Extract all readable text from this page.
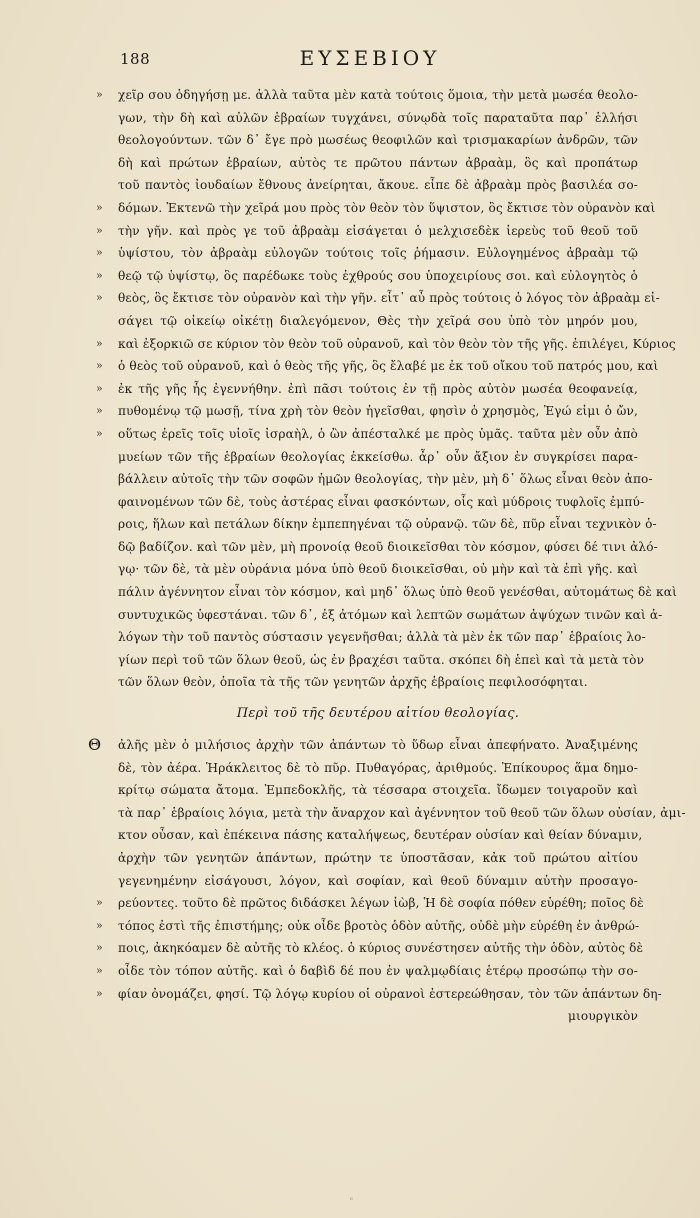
188	ΕΥΣΕΒΙΟΥ
»	χεῖρ σου ὁδηγήσῃ με. ἀλλὰ ταῦτα μὲν κατὰ τούτοις ὅμοια, τὴν μετὰ μωσέα θεολο-
γων, τὴν δὴ καὶ αὐλῶν ἑβραίων τυγχάνει, σύνῳδὰ τοῖς παραταῦτα παρ᾽ ἑλλήσι
θεολογούντων. τῶν δ᾽ ἔγε πρὸ μωσέως θεοφιλῶν καὶ τρισμακαρίων ἀνδρῶν, τῶν
δὴ καὶ πρώτων ἑβραίων, αὐτὸς τε πρῶτου πάντων ἀβραὰμ, ὃς καὶ προπάτωρ
τοῦ παντὸς ἰουδαίων ἔθνους ἀνείρηται, ἄκουε. εἶπε δὲ ἀβραὰμ πρὸς βασιλέα σο-
»	δόμων. Ἐκτενῶ τὴν χεῖρά μου πρὸς τὸν θεὸν τὸν ὕψιστον, ὃς ἔκτισε τὸν οὐρανὸν καὶ
»	τὴν γῆν. καὶ πρὸς γε τοῦ ἀβραὰμ εἰσάγεται ὁ μελχισεδὲκ ἱερεὺς τοῦ θεοῦ τοῦ
»	ὑψίστου, τὸν ἀβραὰμ εὐλογῶν τούτοις τοῖς ῥήμασιν. Εὐλογημένος ἀβραὰμ τῷ
»	θεῷ τῷ ὑψίστῳ, ὃς παρέδωκε τοὺς ἐχθρούς σου ὑποχειρίους σοι. καὶ εὐλογητὸς ὁ
»	θεὸς, ὃς ἔκτισε τὸν οὐρανὸν καὶ τὴν γῆν. εἶτ᾽ αὖ πρὸς τούτοις ὁ λόγος τὸν ἀβραὰμ εἰ-
σάγει τῷ οἰκείῳ οἰκέτῃ διαλεγόμενον, Θὲς τὴν χεῖρά σου ὑπὸ τὸν μηρόν μου,
»	καὶ ἐξορκιῶ σε κύριον τὸν θεὸν τοῦ οὐρανοῦ, καὶ τὸν θεὸν τὸν τῆς γῆς. ἐπιλέγει, Κύριος
»	ὁ θεὸς τοῦ οὐρανοῦ, καὶ ὁ θεὸς τῆς γῆς, ὃς ἔλαβέ με ἐκ τοῦ οἴκου τοῦ πατρός μου, καὶ
»	ἐκ τῆς γῆς ἧς ἐγεννήθην. ἐπὶ πᾶσι τούτοις ἐν τῇ πρὸς αὐτὸν μωσέα θεοφανείᾳ,
»	πυθομένῳ τῷ μωσῇ, τίνα χρὴ τὸν θεὸν ἡγεῖσθαι, φησὶν ὁ χρησμὸς, Ἐγώ εἰμι ὁ ὤν,
»	οὕτως ἐρεῖς τοῖς υἱοῖς ἰσραὴλ, ὁ ὢν ἀπέσταλκέ με πρὸς ὑμᾶς. ταῦτα μὲν οὖν ἀπὸ
μυείων τῶν τῆς ἑβραίων θεολογίας ἐκκείσθω. ἆρ᾽ οὖν ἄξιον ἐν συγκρίσει παρα-
βάλλειν αὐτοῖς τὴν τῶν σοφῶν ἡμῶν θεολογίας, τὴν μὲν, μὴ δ᾽ ὅλως εἶναι θεὸν ἀπο-
φαινομένων τῶν δὲ, τοὺς ἀστέρας εἶναι φασκόντων, οἷς καὶ μύδροις τυφλοῖς ἐμπύ-
ροις, ἥλων καὶ πετάλων δίκην ἐμπεπηγέναι τῷ οὐρανῷ. τῶν δὲ, πῦρ εἶναι τεχνικὸν ὁ-
δῷ βαδίζον. καὶ τῶν μὲν, μὴ προνοίᾳ θεοῦ διοικεῖσθαι τὸν κόσμον, φύσει δέ τινι ἀλό-
γῳ· τῶν δὲ, τὰ μὲν οὐράνια μόνα ὑπὸ θεοῦ διοικεῖσθαι, οὐ μὴν καὶ τὰ ἐπὶ γῆς. καὶ
πάλιν ἀγέννητον εἶναι τὸν κόσμον, καὶ μηδ᾽ ὅλως ὑπὸ θεοῦ γενέσθαι, αὐτομάτως δὲ καὶ
συντυχικῶς ὑφεστάναι. τῶν δ᾽, ἐξ ἀτόμων καὶ λεπτῶν σωμάτων ἀψύχων τινῶν καὶ ἀ-
λόγων τὴν τοῦ παντὸς σύστασιν γεγενῆσθαι; ἀλλὰ τὰ μὲν ἐκ τῶν παρ᾽ ἑβραίοις λο-
γίων περὶ τοῦ τῶν ὅλων θεοῦ, ὡς ἐν βραχέσι ταῦτα. σκόπει δὴ ἑπεὶ καὶ τὰ μετὰ τὸν
τῶν ὅλων θεὸν, ὁποῖα τὰ τῆς τῶν γενητῶν ἀρχῆς ἑβραίοις πεφιλοσόφηται.
Περὶ τοῦ τῆς δευτέρου αἰτίου θεολογίας.
Θ ἀλῆς μὲν ὁ μιλήσιος ἀρχὴν τῶν ἁπάντων τὸ ὕδωρ εἶναι ἀπεφήνατο. Ἀναξιμένης
δὲ, τὸν ἀέρα. Ἡράκλειτος δὲ τὸ πῦρ. Πυθαγόρας, ἀριθμούς. Ἐπίκουρος ἅμα δημο-
κρίτῳ σώματα ἄτομα. Ἐμπεδοκλῆς, τὰ τέσσαρα στοιχεῖα. ἴδωμεν τοιγαροῦν καὶ
τὰ παρ᾽ ἑβραίοις λόγια, μετὰ τὴν ἄναρχον καὶ ἀγέννητον τοῦ θεοῦ τῶν ὅλων οὐσίαν, ἀμι-
κτον οὖσαν, καὶ ἐπέκεινα πάσης καταλήψεως, δευτέραν οὐσίαν καὶ θείαν δύναμιν,
ἀρχὴν τῶν γενητῶν ἁπάντων, πρώτην τε ὑποστᾶσαν, κἀκ τοῦ πρώτου αἰτίου
γεγενημένην εἰσάγουσι, λόγον, καὶ σοφίαν, καὶ θεοῦ δύναμιν αὐτὴν προσαγο-
»	ρεύοντες. τοῦτο δὲ πρῶτος διδάσκει λέγων ἰὼβ, Ἡ δὲ σοφία πόθεν εὑρέθη; ποῖος δὲ
»	τόπος ἐστὶ τῆς ἐπιστήμης; οὐκ οἶδε βροτὸς ὁδὸν αὐτῆς, οὐδὲ μὴν εὑρέθη ἐν ἀνθρώ-
»	ποις, ἀκηκόαμεν δὲ αὐτῆς τὸ κλέος. ὁ κύριος συνέστησεν αὐτῆς τὴν ὁδὸν, αὐτὸς δὲ
»	οἶδε τὸν τόπον αὐτῆς. καὶ ὁ δαβὶδ δέ που ἐν ψαλμῳδίαις ἑτέρῳ προσώπῳ τὴν σο-
»	φίαν ὀνομάζει, φησί. Τῷ λόγῳ κυρίου οἱ οὐρανοὶ ἐστερεώθησαν, τὸν τῶν ἁπάντων δη-
μιουργικὸν
ᶜ
